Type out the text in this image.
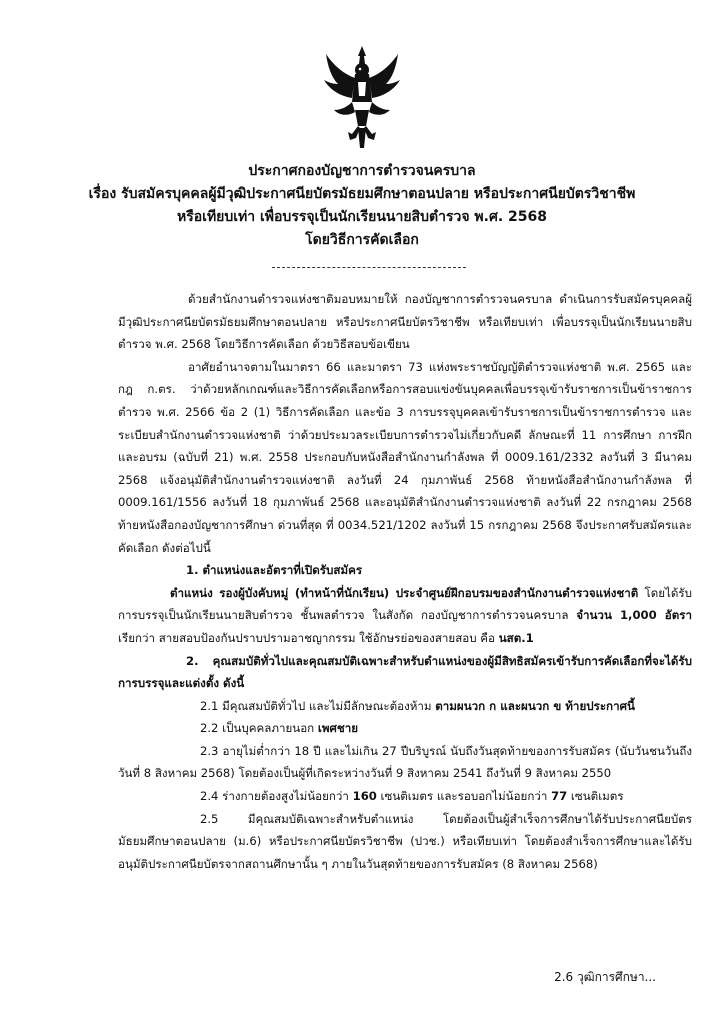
ประกาศกองบัญชาการตำรวจนครบาล
เรื่อง รับสมัครบุคคลผู้มีวุฒิประกาศนียบัตรมัธยมศึกษาตอนปลาย หรือประกาศนียบัตรวิชาชีพ
หรือเทียบเท่า เพื่อบรรจุเป็นนักเรียนนายสิบตำรวจ พ.ศ. 2568
โดยวิธีการคัดเลือก

ด้วยสำนักงานตำรวจแห่งชาติมอบหมายให้ กองบัญชาการตำรวจนครบาล ดำเนินการรับสมัครบุคคลผู้มีวุฒิประกาศนียบัตรมัธยมศึกษาตอนปลาย หรือประกาศนียบัตรวิชาชีพ หรือเทียบเท่า เพื่อบรรจุเป็นนักเรียนนายสิบตำรวจ พ.ศ. 2568 โดยวิธีการคัดเลือก ด้วยวิธีสอบข้อเขียน

อาศัยอำนาจตามในมาตรา 66 และมาตรา 73 แห่งพระราชบัญญัติตำรวจแห่งชาติ พ.ศ. 2565 และ กฎ ก.ตร. ว่าด้วยหลักเกณฑ์และวิธีการคัดเลือกหรือการสอบแข่งขันบุคคลเพื่อบรรจุเข้ารับราชการเป็นข้าราชการตำรวจ พ.ศ. 2566 ข้อ 2 (1) วิธีการคัดเลือก และข้อ 3 การบรรจุบุคคลเข้ารับราชการเป็นข้าราชการตำรวจ และระเบียบสำนักงานตำรวจแห่งชาติ ว่าด้วยประมวลระเบียบการตำรวจไม่เกี่ยวกับคดี ลักษณะที่ 11 การศึกษา การฝึกและอบรม (ฉบับที่ 21) พ.ศ. 2558 ประกอบกับหนังสือสำนักงานกำลังพล ที่ 0009.161/2332 ลงวันที่ 3 มีนาคม 2568 แจ้งอนุมัติสำนักงานตำรวจแห่งชาติ ลงวันที่ 24 กุมภาพันธ์ 2568 ท้ายหนังสือสำนักงานกำลังพล ที่ 0009.161/1556 ลงวันที่ 18 กุมภาพันธ์ 2568 และอนุมัติสำนักงานตำรวจแห่งชาติ ลงวันที่ 22 กรกฎาคม 2568 ท้ายหนังสือกองบัญชาการศึกษา ด่วนที่สุด ที่ 0034.521/1202 ลงวันที่ 15 กรกฎาคม 2568 จึงประกาศรับสมัครและคัดเลือก ดังต่อไปนี้

1. ตำแหน่งและอัตราที่เปิดรับสมัคร

ตำแหน่ง รองผู้บังคับหมู่ (ทำหน้าที่นักเรียน) ประจำศูนย์ฝึกอบรมของสำนักงานตำรวจแห่งชาติ โดยได้รับการบรรจุเป็นนักเรียนนายสิบตำรวจ ชั้นพลตำรวจ ในสังกัด กองบัญชาการตำรวจนครบาล จำนวน 1,000 อัตรา เรียกว่า สายสอบป้องกันปราบปรามอาชญากรรม ใช้อักษรย่อของสายสอบ คือ นสต.1

2. คุณสมบัติทั่วไปและคุณสมบัติเฉพาะสำหรับตำแหน่งของผู้มีสิทธิสมัครเข้ารับการคัดเลือกที่จะได้รับการบรรจุและแต่งตั้ง ดังนี้

2.1 มีคุณสมบัติทั่วไป และไม่มีลักษณะต้องห้าม ตามผนวก ก และผนวก ข ท้ายประกาศนี้

2.2 เป็นบุคคลภายนอก เพศชาย

2.3 อายุไม่ต่ำกว่า 18 ปี และไม่เกิน 27 ปีบริบูรณ์ นับถึงวันสุดท้ายของการรับสมัคร (นับวันชนวันถึงวันที่ 8 สิงหาคม 2568) โดยต้องเป็นผู้ที่เกิดระหว่างวันที่ 9 สิงหาคม 2541 ถึงวันที่ 9 สิงหาคม 2550

2.4 ร่างกายต้องสูงไม่น้อยกว่า 160 เซนติเมตร และรอบอกไม่น้อยกว่า 77 เซนติเมตร

2.5 มีคุณสมบัติเฉพาะสำหรับตำแหน่ง โดยต้องเป็นผู้สำเร็จการศึกษาได้รับประกาศนียบัตรมัธยมศึกษาตอนปลาย (ม.6) หรือประกาศนียบัตรวิชาชีพ (ปวช.) หรือเทียบเท่า โดยต้องสำเร็จการศึกษาและได้รับอนุมัติประกาศนียบัตรจากสถานศึกษานั้น ๆ ภายในวันสุดท้ายของการรับสมัคร (8 สิงหาคม 2568)

2.6 วุฒิการศึกษา...
